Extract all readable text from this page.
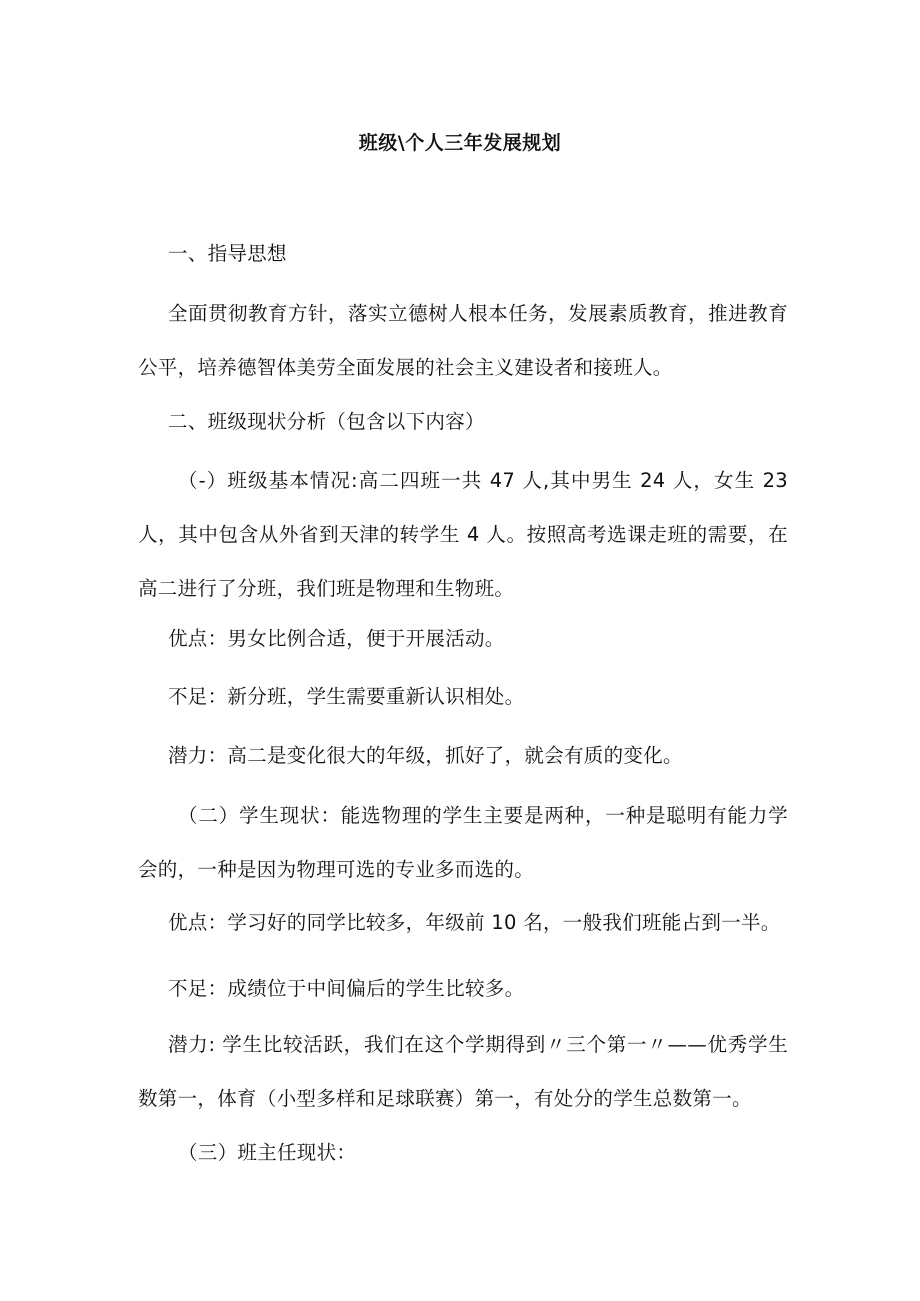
班级\个人三年发展规划

一、指导思想

全面贯彻教育方针，落实立德树人根本任务，发展素质教育，推进教育公平，培养德智体美劳全面发展的社会主义建设者和接班人。

二、班级现状分析（包含以下内容）

（-）班级基本情况:高二四班一共 47 人,其中男生 24 人，女生 23 人，其中包含从外省到天津的转学生 4 人。按照高考选课走班的需要，在高二进行了分班，我们班是物理和生物班。

优点：男女比例合适，便于开展活动。

不足：新分班，学生需要重新认识相处。

潜力：高二是变化很大的年级，抓好了，就会有质的变化。

（二）学生现状：能选物理的学生主要是两种，一种是聪明有能力学会的，一种是因为物理可选的专业多而选的。

优点：学习好的同学比较多，年级前 10 名，一般我们班能占到一半。

不足：成绩位于中间偏后的学生比较多。

潜力: 学生比较活跃，我们在这个学期得到〃三个第一〃——优秀学生数第一，体育（小型多样和足球联赛）第一，有处分的学生总数第一。

（三）班主任现状：
